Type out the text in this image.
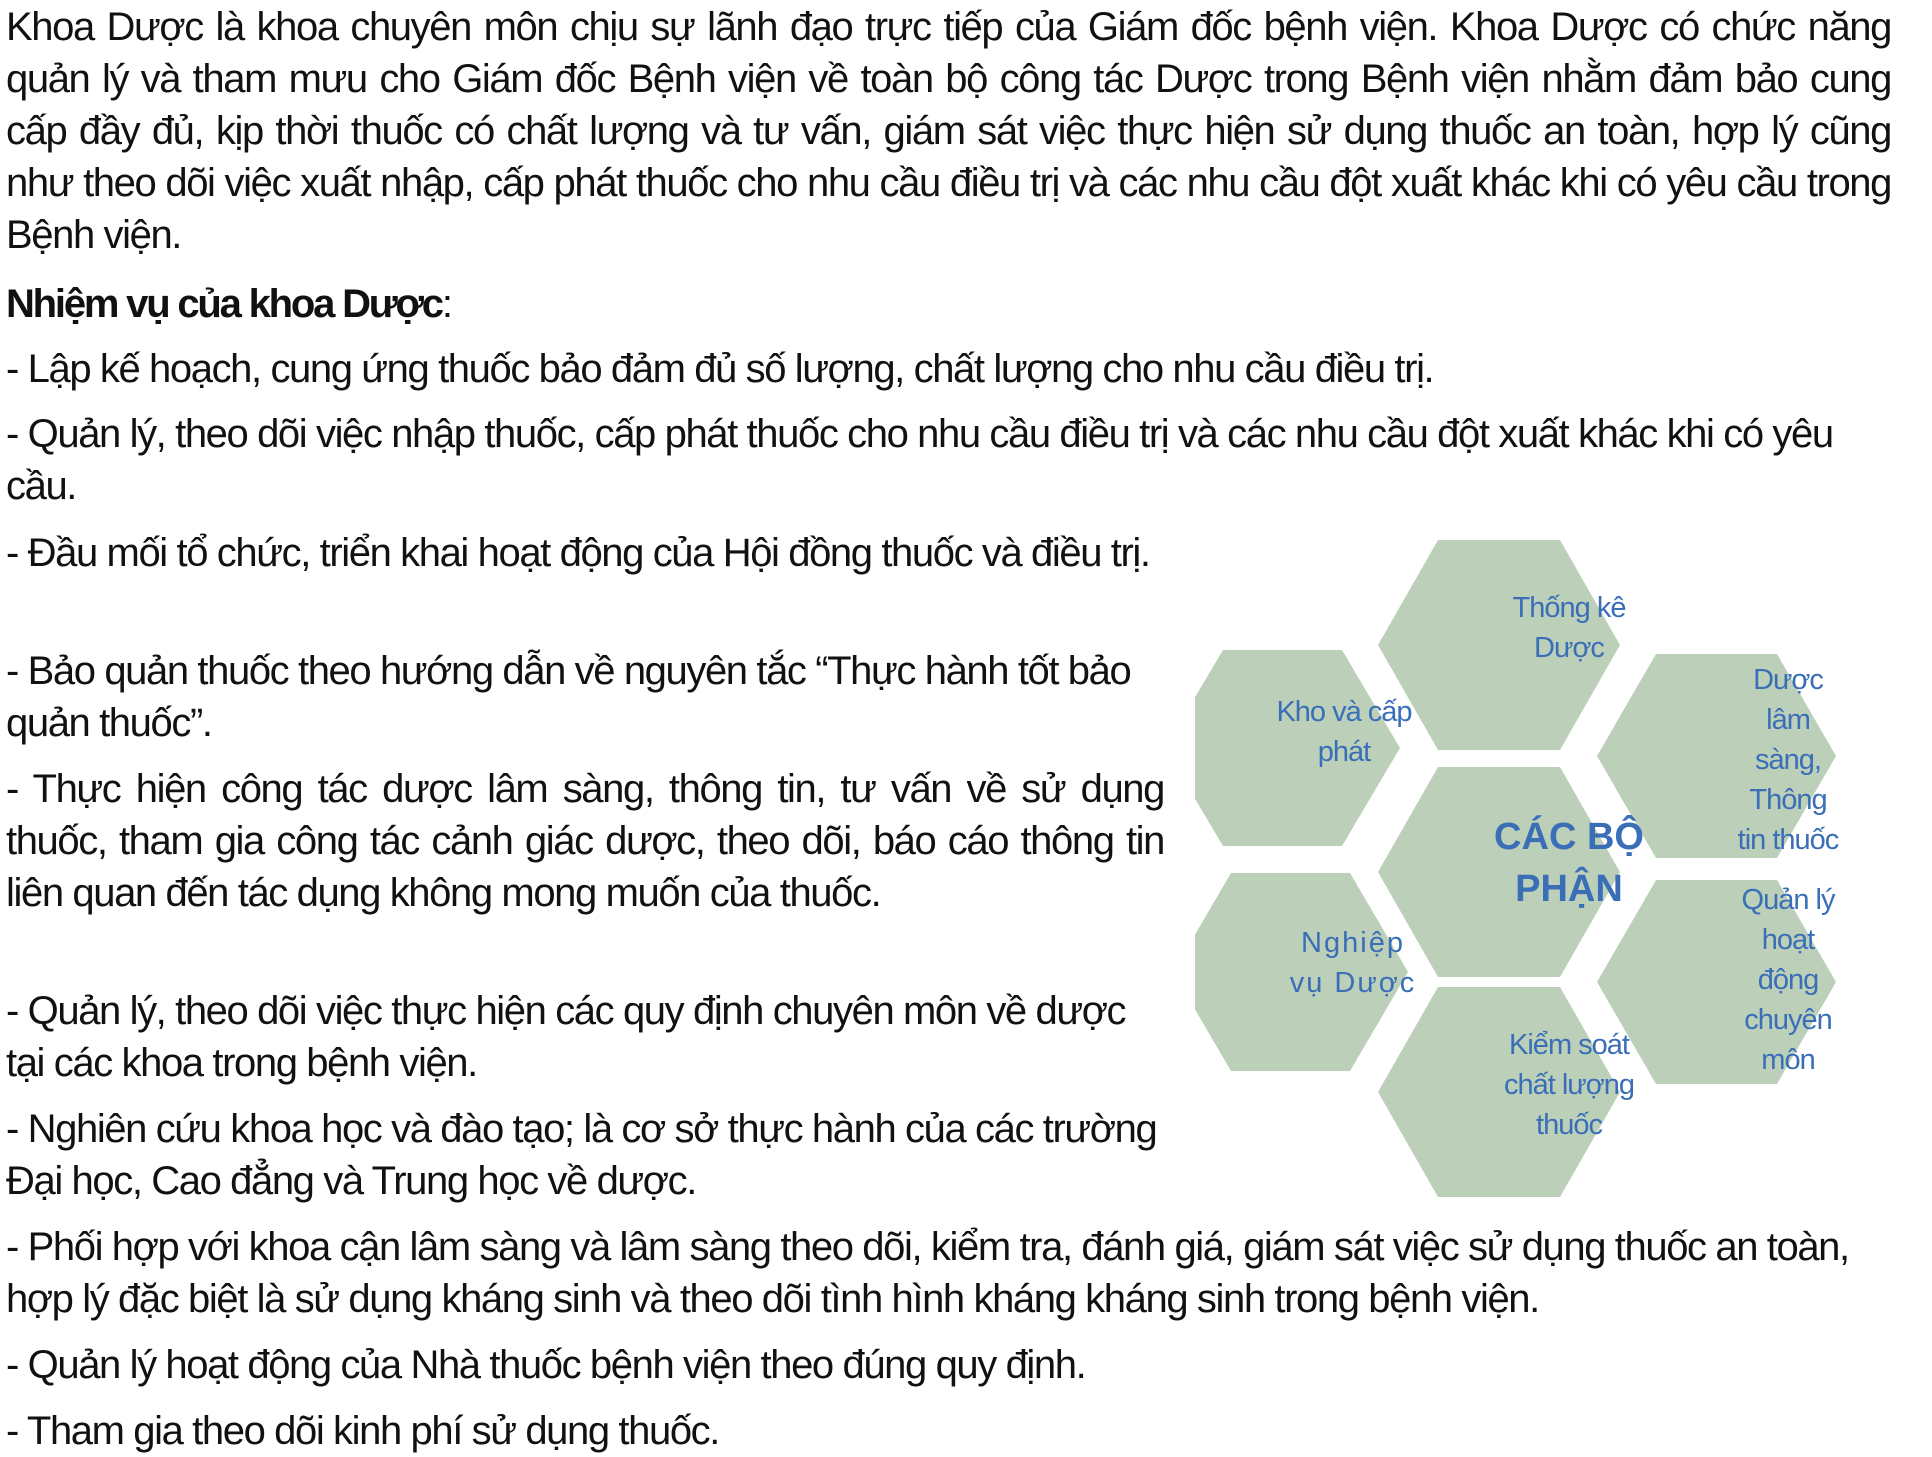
Khoa Dược là khoa chuyên môn chịu sự lãnh đạo trực tiếp của Giám đốc bệnh viện. Khoa Dược có chức năng quản lý và tham mưu cho Giám đốc Bệnh viện về toàn bộ công tác Dược trong Bệnh viện nhằm đảm bảo cung cấp đầy đủ, kịp thời thuốc có chất lượng và tư vấn, giám sát việc thực hiện sử dụng thuốc an toàn, hợp lý cũng như theo dõi việc xuất nhập, cấp phát thuốc cho nhu cầu điều trị và các nhu cầu đột xuất khác khi có yêu cầu trong Bệnh viện.

Nhiệm vụ của khoa Dược:

- Lập kế hoạch, cung ứng thuốc bảo đảm đủ số lượng, chất lượng cho nhu cầu điều trị.

- Quản lý, theo dõi việc nhập thuốc, cấp phát thuốc cho nhu cầu điều trị và các nhu cầu đột xuất khác khi có yêu cầu.

- Đầu mối tổ chức, triển khai hoạt động của Hội đồng thuốc và điều trị.

- Bảo quản thuốc theo hướng dẫn về nguyên tắc “Thực hành tốt bảo quản thuốc”.

- Thực hiện công tác dược lâm sàng, thông tin, tư vấn về sử dụng thuốc, tham gia công tác cảnh giác dược, theo dõi, báo cáo thông tin liên quan đến tác dụng không mong muốn của thuốc.

- Quản lý, theo dõi việc thực hiện các quy định chuyên môn về dược tại các khoa trong bệnh viện.

- Nghiên cứu khoa học và đào tạo; là cơ sở thực hành của các trường Đại học, Cao đẳng và Trung học về dược.

- Phối hợp với khoa cận lâm sàng và lâm sàng theo dõi, kiểm tra, đánh giá, giám sát việc sử dụng thuốc an toàn, hợp lý đặc biệt là sử dụng kháng sinh và theo dõi tình hình kháng kháng sinh trong bệnh viện.

- Quản lý hoạt động của Nhà thuốc bệnh viện theo đúng quy định.

- Tham gia theo dõi kinh phí sử dụng thuốc.

Thống kê
Dược
Kho và cấp
phát
Dược lâm
sàng, Thông
tin thuốc
CÁC BỘ
PHẬN
Nghiệp
vụ Dược
Quản lý hoạt
động chuyên
môn
Kiểm soát
chất lượng
thuốc
